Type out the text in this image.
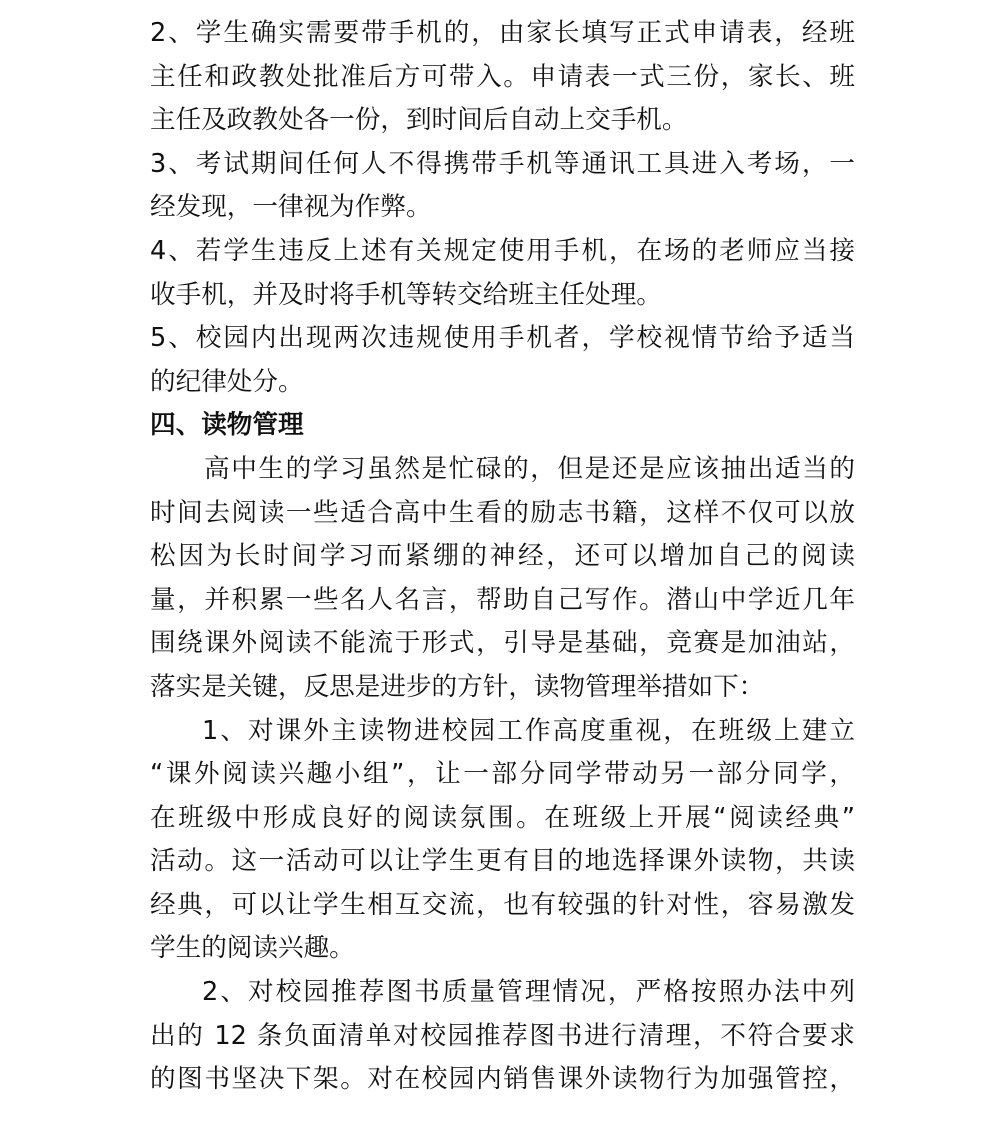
2、学生确实需要带手机的，由家长填写正式申请表，经班
主任和政教处批准后方可带入。申请表一式三份，家长、班
主任及政教处各一份，到时间后自动上交手机。
3、考试期间任何人不得携带手机等通讯工具进入考场，一
经发现，一律视为作弊。
4、若学生违反上述有关规定使用手机，在场的老师应当接
收手机，并及时将手机等转交给班主任处理。
5、校园内出现两次违规使用手机者，学校视情节给予适当
的纪律处分。
四、读物管理
高中生的学习虽然是忙碌的，但是还是应该抽出适当的
时间去阅读一些适合高中生看的励志书籍，这样不仅可以放
松因为长时间学习而紧绷的神经，还可以增加自己的阅读
量，并积累一些名人名言，帮助自己写作。潜山中学近几年
围绕课外阅读不能流于形式，引导是基础，竞赛是加油站，
落实是关键，反思是进步的方针，读物管理举措如下：
1、对课外主读物进校园工作高度重视，在班级上建立
“课外阅读兴趣小组”，让一部分同学带动另一部分同学，
在班级中形成良好的阅读氛围。在班级上开展“阅读经典”
活动。这一活动可以让学生更有目的地选择课外读物，共读
经典，可以让学生相互交流，也有较强的针对性，容易激发
学生的阅读兴趣。
2、对校园推荐图书质量管理情况，严格按照办法中列
出的 12 条负面清单对校园推荐图书进行清理，不符合要求
的图书坚决下架。对在校园内销售课外读物行为加强管控，
